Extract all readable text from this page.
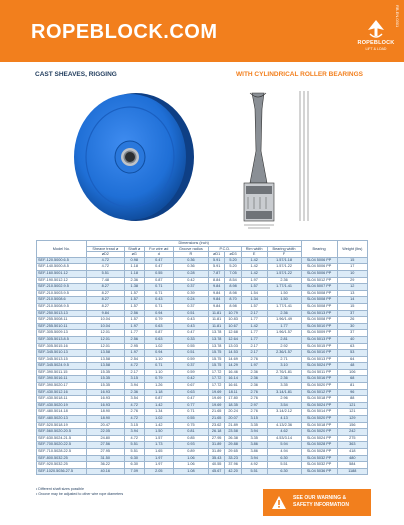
ROPEBLOCK.COM	ROPEBLOCK
LIFT & LOAD
RB.EN.0301
CAST SHEAVES, RIGGING	WITH CYLINDRICAL ROLLER BEARINGS
Model No.	Dimensions (inch)								Bearing	Weight (lbs)
	Sheave tread ø	Shaft ø	For wire ød	Groove radius	P.C.D.		Rim width	Bearing width		
	øD2	øG	d	R	øD1	øD3	E	F		
SEF-120.5000.6.5	4.72	0.98	0.47	0.36	5.91	5.20	1.42	1.57/1.18	SL04 5006 PP	15
SEF-140.5000.8.5	4.72	1.18	0.47	0.36	5.91	5.20	1.42	1.57/1.22	SL04 5006 PP	17
SEF-160.5001.12	5.51	1.18	0.55	0.28	7.87	7.05	1.42	1.57/1.22	SL04 5006 PP	10
SEF-190.5012.12	7.48	2.36	0.87	0.42	8.84	8.54	1.97	2.36	SL04 5012 PP	29
SEF-210.5002.9.5	8.27	1.38	0.71	0.37	9.84	8.98	1.57	1.77/1.41	SL04 5007 PP	12
SEF-210.5003.9.5	8.27	1.57	0.71	0.39	9.84	8.98	1.54	1.50	SL04 5008 PP	13
SEF-210.5008.6	8.27	1.57	0.43	0.24	9.84	8.70	1.34	1.50	SL04 5008 PP	14
SEF-210.5008.9.5	8.27	1.57	0.71	0.37	9.84	8.98	1.57	1.77/1.41	SL04 5008 PP	15
SEF-250.5013.13	9.84	2.56	0.94	0.51	11.81	10.79	2.17	2.36	SL04 5013 PP	37
SEF-255.5008.11	10.04	1.57	0.79	0.43	11.81	10.83	1.77	1.96/1.49	SL04 5008 PP	26
SEF-255.5010.11	10.04	1.97	0.63	0.43	11.81	10.67	1.42	1.77	SL04 5010 PP	30
SEF-305.5009.13	12.01	1.77	0.87	0.47	13.78	12.68	1.77	1.96/1.57	SL04 5009 PP	37
SEF-305.5013.8.5	12.01	2.56	0.63	0.33	13.78	12.64	1.77	2.81	SL04 5013 PP	40
SEF-305.5015.16	12.01	2.95	1.02	0.55	13.78	13.03	2.17	2.92	SL04 5015 PP	63
SEF-345.5010.13	13.58	1.97	0.94	0.51	15.75	14.53	2.17	2.36/1.57	SL04 5010 PP	53
SEF-345.5013.15	13.58	2.54	1.10	0.59	15.75	14.69	2.76	2.71	SL04 5013 PP	64
SEF-345.5024.9.5	13.58	4.72	0.71	0.37	15.75	14.29	1.97	3.10	SL04 5024 PP	48
SEF-390.5011.15	15.35	2.17	1.10	0.59	17.72	16.46	2.36	2.76/1.81	SL04 5011 PP	106
SEF-390.5016.11	15.35	3.15	0.79	0.42	17.72	16.14	2.36	2.36	SL04 5016 PP	68
SEF-390.5020.17	15.35	3.94	1.26	0.67	17.72	16.61	2.36	3.35	SL04 5020 PP	81
SEF-430.5012.16	16.93	2.36	1.18	0.63	19.69	18.11	2.76	3.14/1.81	SL04 5012 PP	96
SEF-430.5018.11	16.93	3.54	0.87	0.47	19.69	17.80	2.76	2.96	SL04 5018 PP	88
SEF-430.5020.19	16.93	4.72	1.42	0.77	19.69	18.35	2.97	3.54	SL04 5024 PP	121
SEF-480.5014.18	18.90	2.76	1.34	0.71	21.65	20.24	2.76	3.14/2.12	SL04 5014 PP	121
SEF-480.5020.13	18.90	4.72	1.02	0.55	21.65	20.07	3.15	4.13	SL04 5020 PP	129
SEF-520.5018.19	20.47	3.15	1.42	0.75	23.62	21.89	3.35	4.13/2.36	SL04 5018 PP	156
SEF-560.5020.20.5	22.05	3.94	1.50	0.81	26.18	23.58	3.94	4.62	SL04 5020 PP	242
SEF-630.5024.21.5	24.80	4.72	1.57	0.85	27.95	26.38	3.35	4.53/3.14	SL04 5024 PP	275
SEF-700.5020.22.5	27.56	5.51	1.73	0.93	31.89	29.88	3.86	5.94	SL04 5028 PP	363
SEF-710.5028.22.5	27.95	5.51	1.65	0.89	31.89	29.65	3.86	4.94	SL04 5028 PP	418
SEF-800.5032.25	31.50	6.30	1.97	1.06	35.43	33.23	3.94	6.30	SL04 5032 PP	480
SEF-920.5032.25	36.22	6.30	1.97	1.06	40.55	37.96	4.92	5.51	SL04 5032 PP	584
SEF-1020.5036.27.5	40.16	7.09	2.05	1.08	45.67	42.20	5.51	6.30	SL04 5036 PP	1188
• Different shaft sizes possible
• Groove may be adjusted to other wire rope diameters
SEE OUR WARNING &
SAFETY INFORMATION
